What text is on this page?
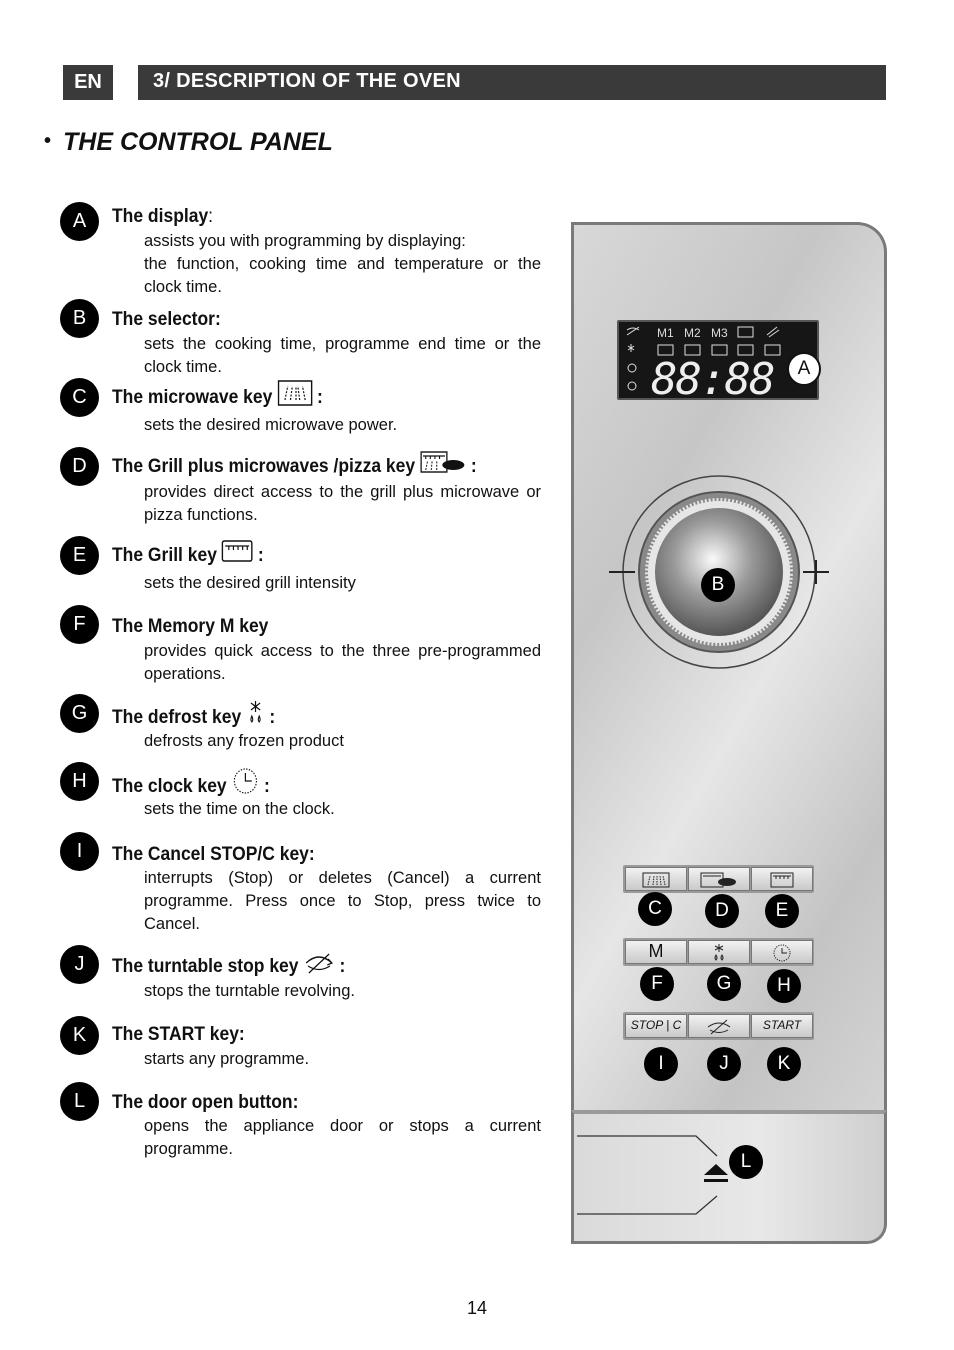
EN	3/ DESCRIPTION OF THE OVEN
• THE CONTROL PANEL
A	The display:
assists you with programming by displaying:
the function, cooking time and temperature or the clock time.
B	The selector:
sets the cooking time, programme end time or the clock time.
C	The microwave key :
sets the desired microwave power.
D	The Grill plus microwaves /pizza key	:
provides direct access to the grill plus microwave or pizza functions.
E	The Grill key :
sets the desired grill intensity
F	The Memory M key
provides quick access to the three pre-programmed operations.
G	The defrost key :
defrosts any frozen product
H	The clock key :
sets the time on the clock.
I	The Cancel STOP/C key:
interrupts (Stop) or deletes (Cancel) a current programme. Press once to Stop, press twice to Cancel.
J	The turntable stop key :
stops the turntable revolving.
K	The START key:
starts any programme.
L	The door open button:
opens the appliance door or stops a current programme.
M1 M2 M3
88:88	A
B
C	D	E
M
F	G	H
STOP | C	START
I	J	K
L
14
